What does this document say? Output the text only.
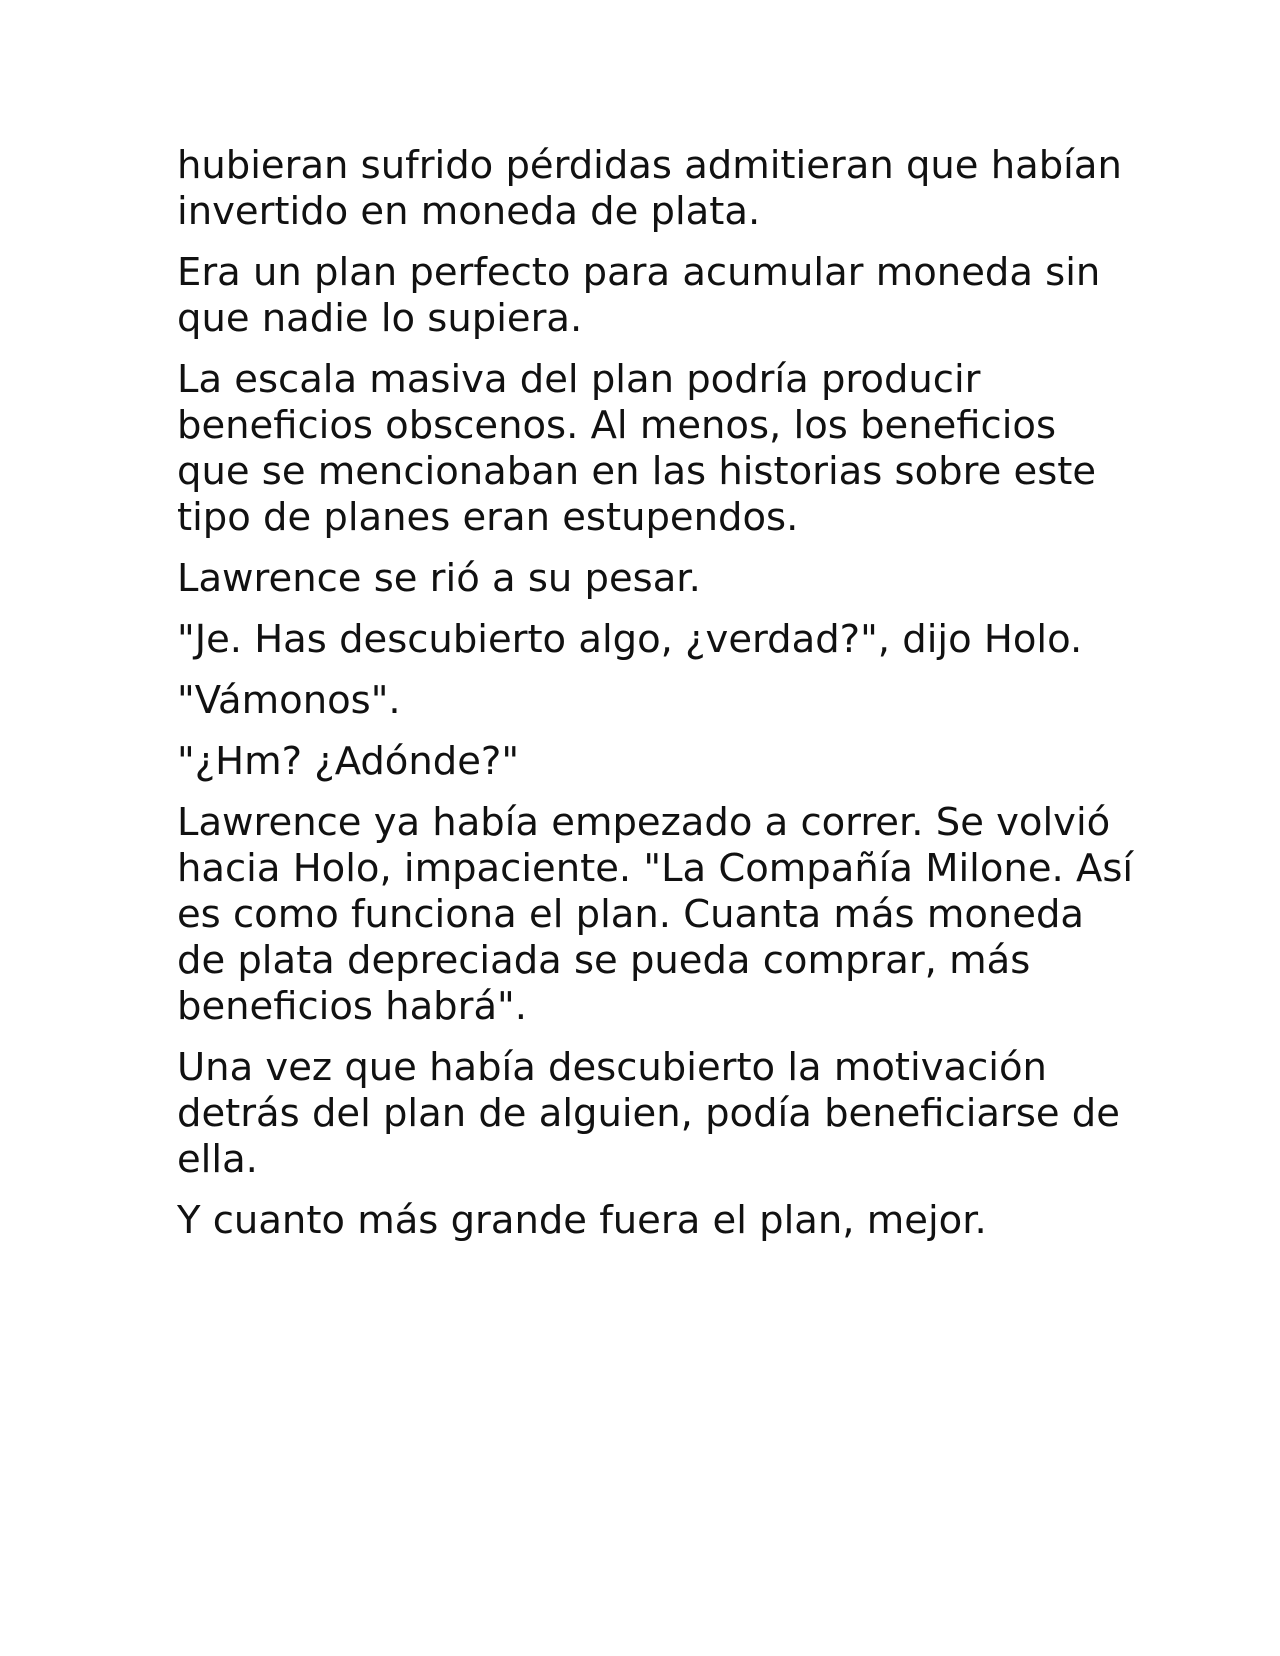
hubieran sufrido pérdidas admitieran que habían invertido en moneda de plata.

Era un plan perfecto para acumular moneda sin que nadie lo supiera.

La escala masiva del plan podría producir beneficios obscenos. Al menos, los beneficios que se mencionaban en las historias sobre este tipo de planes eran estupendos.

Lawrence se rió a su pesar.

"Je. Has descubierto algo, ¿verdad?", dijo Holo.

"Vámonos".

"¿Hm? ¿Adónde?"

Lawrence ya había empezado a correr. Se volvió hacia Holo, impaciente. "La Compañía Milone. Así es como funciona el plan. Cuanta más moneda de plata depreciada se pueda comprar, más beneficios habrá".

Una vez que había descubierto la motivación detrás del plan de alguien, podía beneficiarse de ella.

Y cuanto más grande fuera el plan, mejor.
